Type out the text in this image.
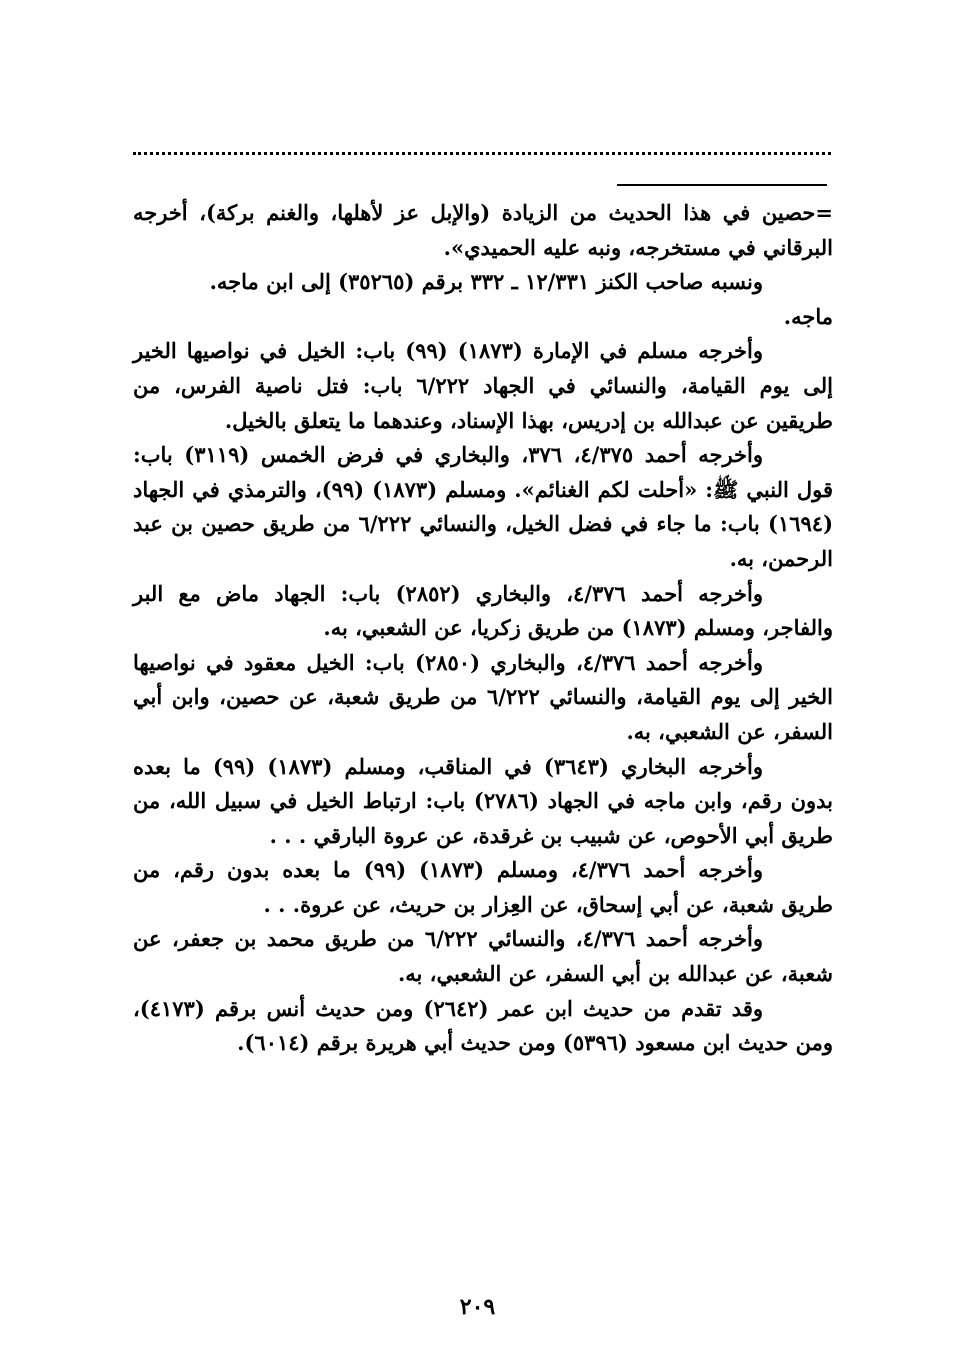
=حصين في هذا الحديث من الزيادة (والإبل عز لأهلها، والغنم بركة)، أخرجه البرقاني في مستخرجه، ونبه عليه الحميدي».

ونسبه صاحب الكنز ١٢/٣٣١ ـ ٣٣٢ برقم (٣٥٢٦٥) إلى ابن ماجه.

ماجه.

وأخرجه مسلم في الإمارة (١٨٧٣) (٩٩) باب: الخيل في نواصيها الخير إلى يوم القيامة، والنسائي في الجهاد ٦/٢٢٢ باب: فتل ناصية الفرس، من طريقين عن عبدالله بن إدريس، بهذا الإسناد، وعندهما ما يتعلق بالخيل.

وأخرجه أحمد ٤/٣٧٥، ٣٧٦، والبخاري في فرض الخمس (٣١١٩) باب: قول النبي ﷺ: «أحلت لكم الغنائم». ومسلم (١٨٧٣) (٩٩)، والترمذي في الجهاد (١٦٩٤) باب: ما جاء في فضل الخيل، والنسائي ٦/٢٢٢ من طريق حصين بن عبد الرحمن، به.

وأخرجه أحمد ٤/٣٧٦، والبخاري (٢٨٥٢) باب: الجهاد ماض مع البر والفاجر، ومسلم (١٨٧٣) من طريق زكريا، عن الشعبي، به.

وأخرجه أحمد ٤/٣٧٦، والبخاري (٢٨٥٠) باب: الخيل معقود في نواصيها الخير إلى يوم القيامة، والنسائي ٦/٢٢٢ من طريق شعبة، عن حصين، وابن أبي السفر، عن الشعبي، به.

وأخرجه البخاري (٣٦٤٣) في المناقب، ومسلم (١٨٧٣) (٩٩) ما بعده بدون رقم، وابن ماجه في الجهاد (٢٧٨٦) باب: ارتباط الخيل في سبيل الله، من طريق أبي الأحوص، عن شبيب بن غرقدة، عن عروة البارقي . . .

وأخرجه أحمد ٤/٣٧٦، ومسلم (١٨٧٣) (٩٩) ما بعده بدون رقم، من طريق شعبة، عن أبي إسحاق، عن العِزار بن حريث، عن عروة. . .

وأخرجه أحمد ٤/٣٧٦، والنسائي ٦/٢٢٢ من طريق محمد بن جعفر، عن شعبة، عن عبدالله بن أبي السفر، عن الشعبي، به.

وقد تقدم من حديث ابن عمر (٢٦٤٢) ومن حديث أنس برقم (٤١٧٣)، ومن حديث ابن مسعود (٥٣٩٦) ومن حديث أبي هريرة برقم (٦٠١٤).

٢٠٩
